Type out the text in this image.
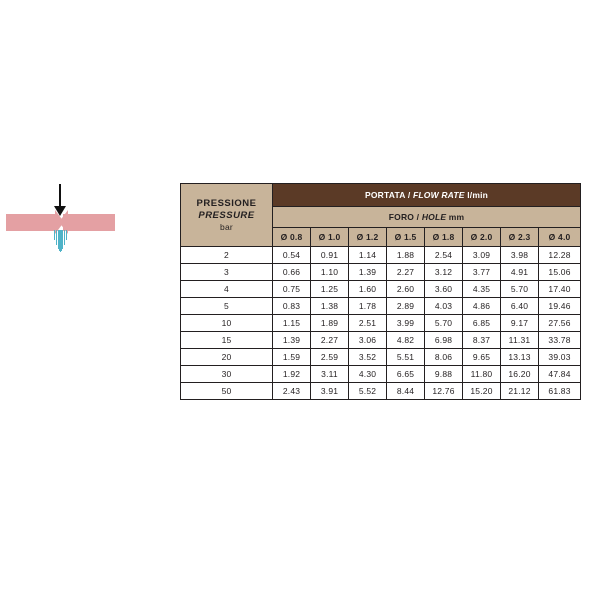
PRESSIONE
PRESSURE
bar	PORTATA / FLOW RATE l/min							
	FORO / HOLE mm							
	Ø 0.8	Ø 1.0	Ø 1.2	Ø 1.5	Ø 1.8	Ø 2.0	Ø 2.3	Ø 4.0
2	0.54	0.91	1.14	1.88	2.54	3.09	3.98	12.28
3	0.66	1.10	1.39	2.27	3.12	3.77	4.91	15.06
4	0.75	1.25	1.60	2.60	3.60	4.35	5.70	17.40
5	0.83	1.38	1.78	2.89	4.03	4.86	6.40	19.46
10	1.15	1.89	2.51	3.99	5.70	6.85	9.17	27.56
15	1.39	2.27	3.06	4.82	6.98	8.37	11.31	33.78
20	1.59	2.59	3.52	5.51	8.06	9.65	13.13	39.03
30	1.92	3.11	4.30	6.65	9.88	11.80	16.20	47.84
50	2.43	3.91	5.52	8.44	12.76	15.20	21.12	61.83
